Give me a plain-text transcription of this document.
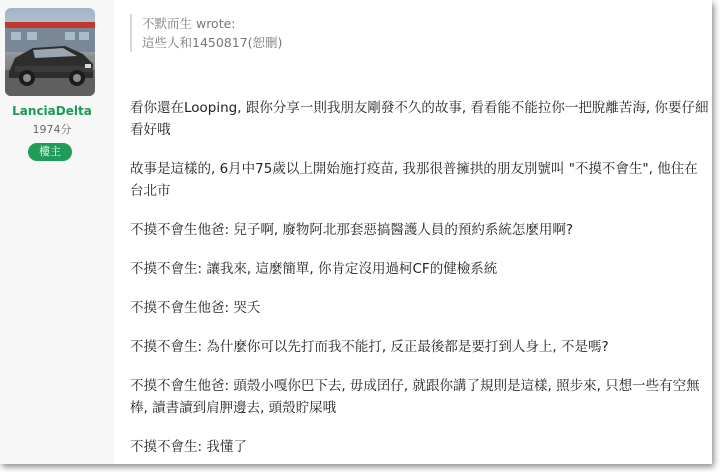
LanciaDelta
1974分
樓主
不默而生 wrote:
這些人和1450817(恕刪)

看你還在Looping, 跟你分享一則我朋友剛發不久的故事, 看看能不能拉你一把脫離苦海, 你要仔細看好哦

故事是這樣的, 6月中75歲以上開始施打疫苗, 我那很普擁拱的朋友別號叫 "不摸不會生", 他住在台北市

不摸不會生他爸: 兒子啊, 廢物阿北那套惡搞醫護人員的預約系統怎麼用啊?

不摸不會生: 讓我來, 這麼簡單, 你肯定沒用過柯CF的健檢系統

不摸不會生他爸: 哭夭

不摸不會生: 為什麼你可以先打而我不能打, 反正最後都是要打到人身上, 不是嗎?

不摸不會生他爸: 頭殼小嘎你巴下去, 毋成囝仔, 就跟你講了規則是這樣, 照步來, 只想一些有空無棒, 讀書讀到肩胛邊去, 頭殼貯屎哦

不摸不會生: 我懂了
